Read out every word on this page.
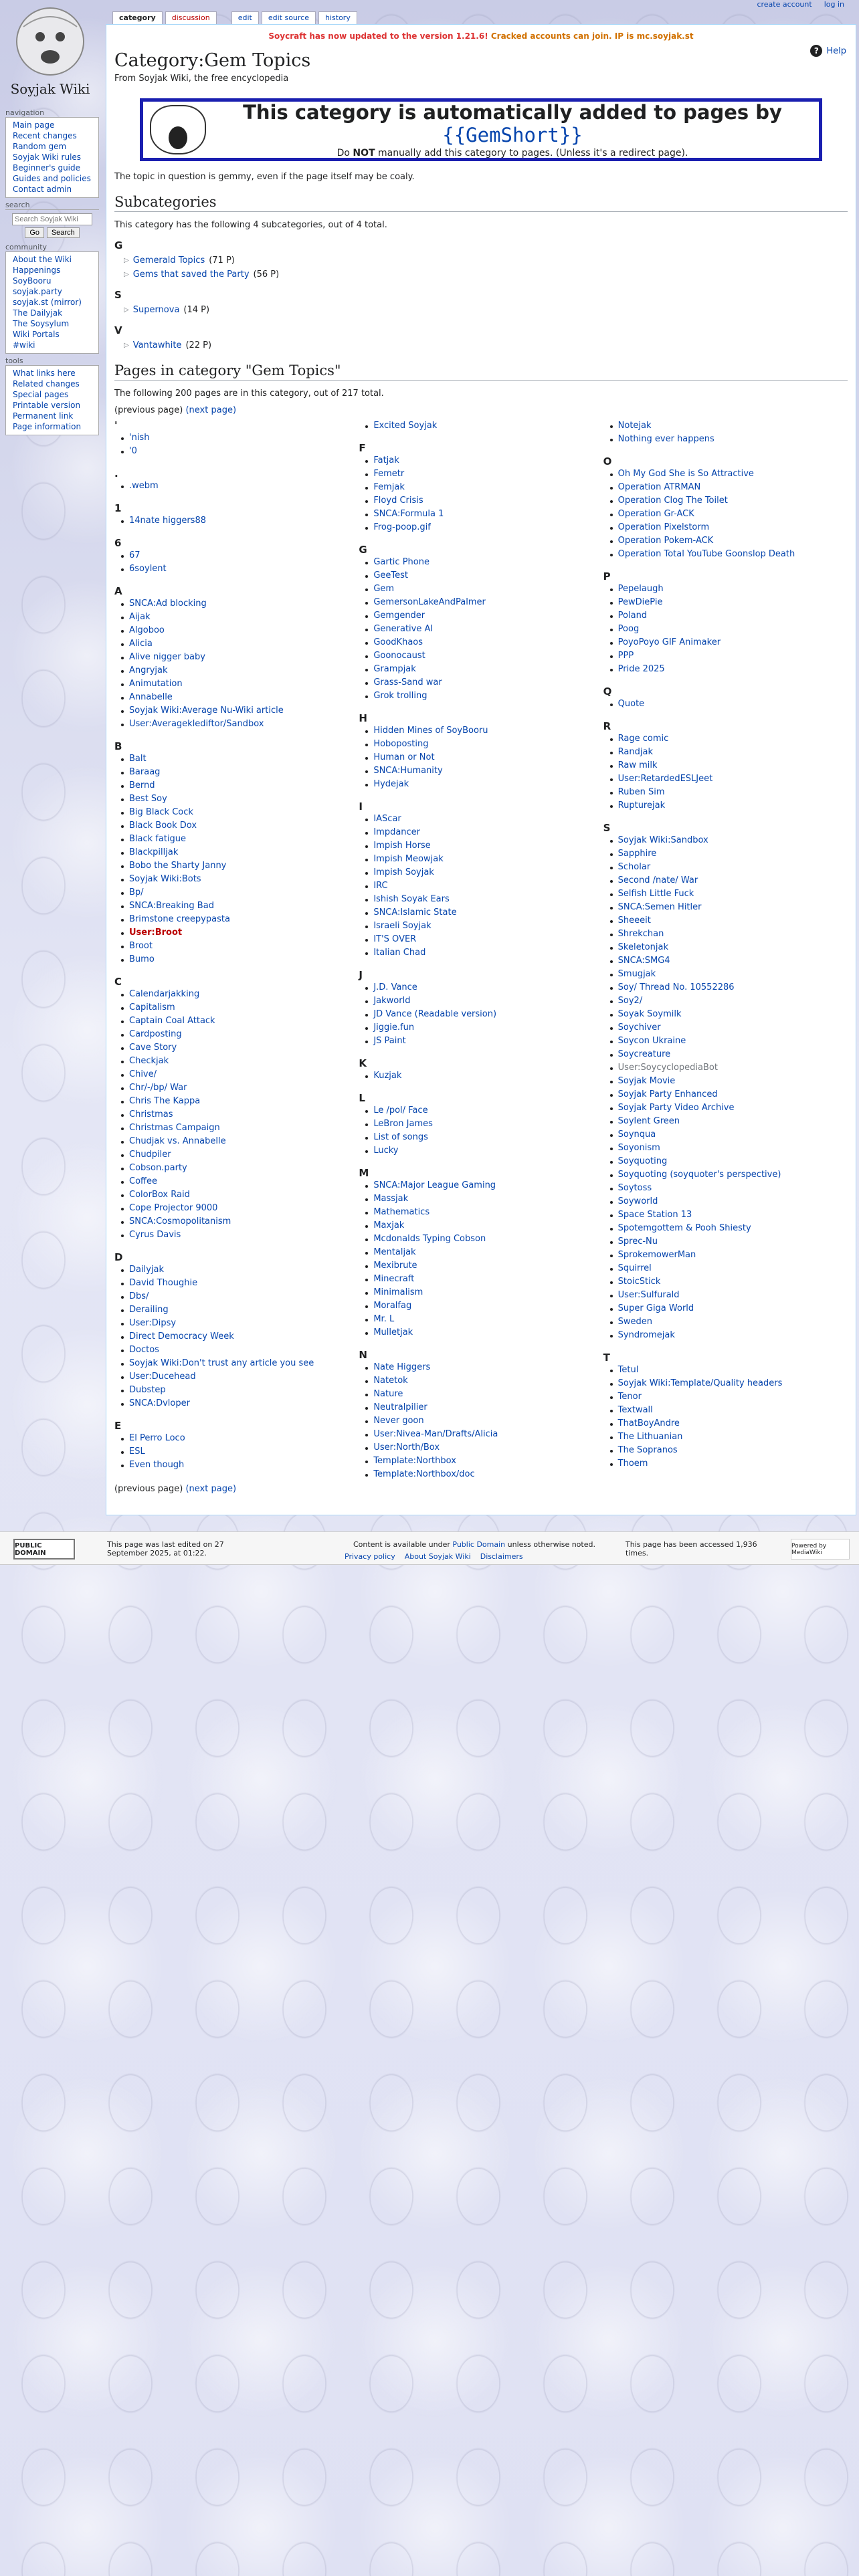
Soyjak Wiki
create account log in
category	discussion	edit	edit source	history
Soycraft has now updated to the version 1.21.6! Cracked accounts can join. IP is mc.soyjak.st
Category:Gem Topics	? Help
From Soyjak Wiki, the free encyclopedia
This category is automatically added to pages by {{GemShort}}
Do NOT manually add this category to pages. (Unless it's a redirect page).

The topic in question is gemmy, even if the page itself may be coaly.

Subcategories

This category has the following 4 subcategories, out of 4 total.

G
▷ Gemerald Topics (71 P)
▷ Gems that saved the Party (56 P)
S
▷ Supernova (14 P)
V
▷ Vantawhite (22 P)
Pages in category "Gem Topics"

The following 200 pages are in this category, out of 217 total.

(previous page) (next page)

'
'nish
'0
.
.webm
1
14nate higgers88
6
67
6soylent
A
SNCA:Ad blocking
Aijak
Algoboo
Alicia
Alive nigger baby
Angryjak
Animutation
Annabelle
Soyjak Wiki:Average Nu-Wiki article
User:Averageklediftor/Sandbox
B
Balt
Baraag
Bernd
Best Soy
Big Black Cock
Black Book Dox
Black fatigue
Blackpilljak
Bobo the Sharty Janny
Soyjak Wiki:Bots
Bp/
SNCA:Breaking Bad
Brimstone creepypasta
User:Broot
Broot
Bumo
C
Calendarjakking
Capitalism
Captain Coal Attack
Cardposting
Cave Story
Checkjak
Chive/
Chr/-/bp/ War
Chris The Kappa
Christmas
Christmas Campaign
Chudjak vs. Annabelle
Chudpiler
Cobson.party
Coffee
ColorBox Raid
Cope Projector 9000
SNCA:Cosmopolitanism
Cyrus Davis
D
Dailyjak
David Thoughie
Dbs/
Derailing
User:Dipsy
Direct Democracy Week
Doctos
Soyjak Wiki:Don't trust any article you see
User:Ducehead
Dubstep
SNCA:Dvloper
E
El Perro Loco
ESL
Even though
Excited Soyjak
F
Fatjak
Femetr
Femjak
Floyd Crisis
SNCA:Formula 1
Frog-poop.gif
G
Gartic Phone
GeeTest
Gem
GemersonLakeAndPalmer
Gemgender
Generative AI
GoodKhaos
Goonocaust
Grampjak
Grass-Sand war
Grok trolling
H
Hidden Mines of SoyBooru
Hoboposting
Human or Not
SNCA:Humanity
Hydejak
I
IAScar
Impdancer
Impish Horse
Impish Meowjak
Impish Soyjak
IRC
Ishish Soyak Ears
SNCA:Islamic State
Israeli Soyjak
IT'S OVER
Italian Chad
J
J.D. Vance
Jakworld
JD Vance (Readable version)
Jiggie.fun
JS Paint
K
Kuzjak
L
Le /pol/ Face
LeBron James
List of songs
Lucky
M
SNCA:Major League Gaming
Massjak
Mathematics
Maxjak
Mcdonalds Typing Cobson
Mentaljak
Mexibrute
Minecraft
Minimalism
Moralfag
Mr. L
Mulletjak
N
Nate Higgers
Natetok
Nature
Neutralpilier
Never goon
User:Nivea-Man/Drafts/Alicia
User:North/Box
Template:Northbox
Template:Northbox/doc
Notejak
Nothing ever happens
O
Oh My God She is So Attractive
Operation ATRMAN
Operation Clog The Toilet
Operation Gr-ACK
Operation Pixelstorm
Operation Pokem-ACK
Operation Total YouTube Goonslop Death
P
Pepelaugh
PewDiePie
Poland
Poog
PoyoPoyo GIF Animaker
PPP
Pride 2025
Q
Quote
R
Rage comic
Randjak
Raw milk
User:RetardedESLJeet
Ruben Sim
Rupturejak
S
Soyjak Wiki:Sandbox
Sapphire
Scholar
Second /nate/ War
Selfish Little Fuck
SNCA:Semen Hitler
Sheeeit
Shrekchan
Skeletonjak
SNCA:SMG4
Smugjak
Soy/ Thread No. 10552286
Soy2/
Soyak Soymilk
Soychiver
Soycon Ukraine
Soycreature
User:SoycyclopediaBot
Soyjak Movie
Soyjak Party Enhanced
Soyjak Party Video Archive
Soylent Green
Soynqua
Soyonism
Soyquoting
Soyquoting (soyquoter's perspective)
Soytoss
Soyworld
Space Station 13
Spotemgottem & Pooh Shiesty
Sprec-Nu
SprokemowerMan
Squirrel
StoicStick
User:Sulfurald
Super Giga World
Sweden
Syndromejak
T
Tetul
Soyjak Wiki:Template/Quality headers
Tenor
Textwall
ThatBoyAndre
The Lithuanian
The Sopranos
Thoem

(previous page) (next page)

PUBLIC DOMAIN
This page was last edited on 27 September 2025, at 01:22.
Content is available under Public Domain unless otherwise noted.	This page has been accessed 1,936 times.
Privacy policy About Soyjak Wiki Disclaimers
Powered by MediaWiki
navigation
Main page
Recent changes
Random gem
Soyjak Wiki rules
Beginner's guide
Guides and policies
Contact admin
search
Search Soyjak Wiki
Go Search
community
About the Wiki
Happenings
SoyBooru
soyjak.party
soyjak.st (mirror)
The Dailyjak
The Soysylum
Wiki Portals
#wiki
tools
What links here
Related changes
Special pages
Printable version
Permanent link
Page information
